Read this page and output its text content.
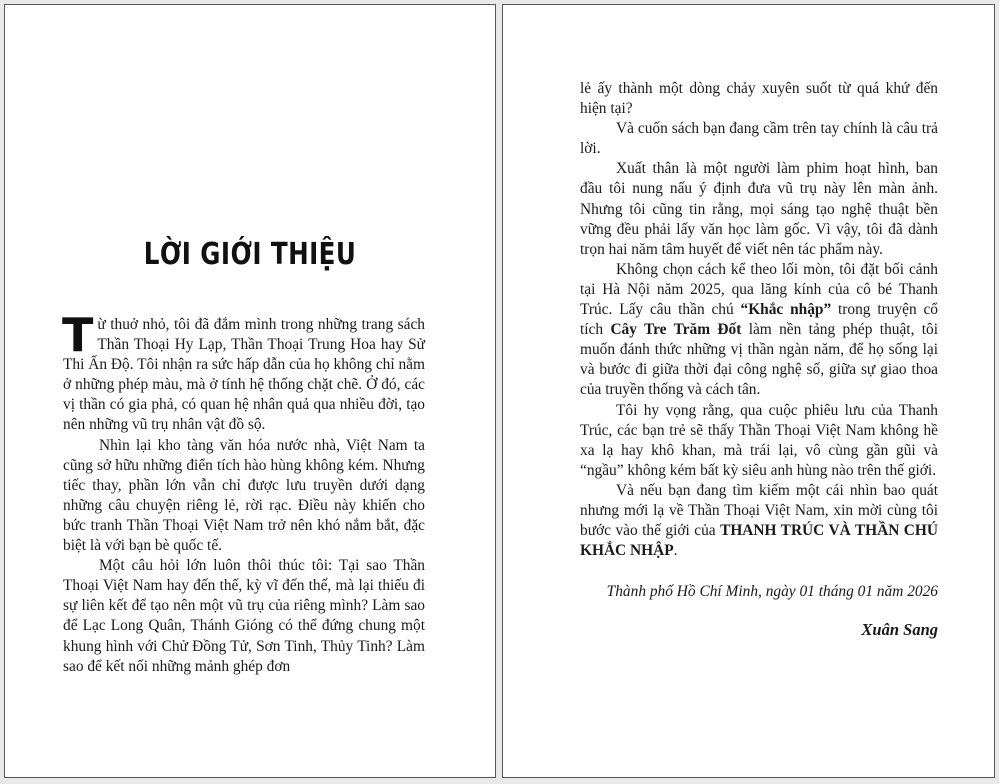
LỜI GIỚI THIỆU

Từ thuở nhỏ, tôi đã đắm mình trong những trang sách Thần Thoại Hy Lạp, Thần Thoại Trung Hoa hay Sử Thi Ấn Độ. Tôi nhận ra sức hấp dẫn của họ không chỉ nằm ở những phép màu, mà ở tính hệ thống chặt chẽ. Ở đó, các vị thần có gia phả, có quan hệ nhân quả qua nhiều đời, tạo nên những vũ trụ nhân vật đồ sộ.

Nhìn lại kho tàng văn hóa nước nhà, Việt Nam ta cũng sở hữu những điển tích hào hùng không kém. Nhưng tiếc thay, phần lớn vẫn chỉ được lưu truyền dưới dạng những câu chuyện riêng lẻ, rời rạc. Điều này khiến cho bức tranh Thần Thoại Việt Nam trở nên khó nắm bắt, đặc biệt là với bạn bè quốc tế.

Một câu hỏi lớn luôn thôi thúc tôi: Tại sao Thần Thoại Việt Nam hay đến thế, kỳ vĩ đến thế, mà lại thiếu đi sự liên kết để tạo nên một vũ trụ của riêng mình? Làm sao để Lạc Long Quân, Thánh Gióng có thể đứng chung một khung hình với Chử Đồng Tử, Sơn Tinh, Thủy Tinh? Làm sao để kết nối những mảnh ghép đơn

lẻ ấy thành một dòng chảy xuyên suốt từ quá khứ đến hiện tại?

Và cuốn sách bạn đang cầm trên tay chính là câu trả lời.

Xuất thân là một người làm phim hoạt hình, ban đầu tôi nung nấu ý định đưa vũ trụ này lên màn ảnh. Nhưng tôi cũng tin rằng, mọi sáng tạo nghệ thuật bền vững đều phải lấy văn học làm gốc. Vì vậy, tôi đã dành trọn hai năm tâm huyết để viết nên tác phẩm này.

Không chọn cách kể theo lối mòn, tôi đặt bối cảnh tại Hà Nội năm 2025, qua lăng kính của cô bé Thanh Trúc. Lấy câu thần chú “Khắc nhập” trong truyện cổ tích Cây Tre Trăm Đốt làm nền tảng phép thuật, tôi muốn đánh thức những vị thần ngàn năm, để họ sống lại và bước đi giữa thời đại công nghệ số, giữa sự giao thoa của truyền thống và cách tân.

Tôi hy vọng rằng, qua cuộc phiêu lưu của Thanh Trúc, các bạn trẻ sẽ thấy Thần Thoại Việt Nam không hề xa lạ hay khô khan, mà trái lại, vô cùng gần gũi và “ngầu” không kém bất kỳ siêu anh hùng nào trên thế giới.

Và nếu bạn đang tìm kiếm một cái nhìn bao quát nhưng mới lạ về Thần Thoại Việt Nam, xin mời cùng tôi bước vào thế giới của THANH TRÚC VÀ THẦN CHÚ KHẮC NHẬP.

Thành phố Hồ Chí Minh, ngày 01 tháng 01 năm 2026
Xuân Sang
